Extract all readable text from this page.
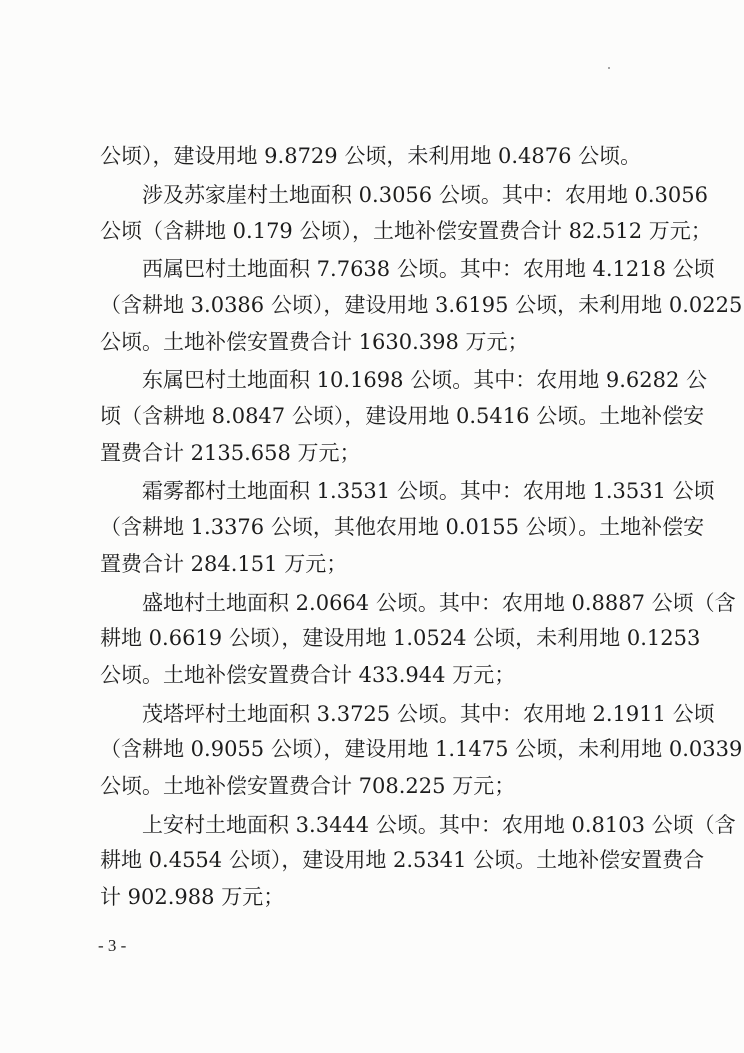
公顷），建设用地 9.8729 公顷，未利用地 0.4876 公顷。
涉及苏家崖村土地面积 0.3056 公顷。其中：农用地 0.3056
公顷（含耕地 0.179 公顷），土地补偿安置费合计 82.512 万元；
西属巴村土地面积 7.7638 公顷。其中：农用地 4.1218 公顷
（含耕地 3.0386 公顷），建设用地 3.6195 公顷，未利用地 0.0225
公顷。土地补偿安置费合计 1630.398 万元；
东属巴村土地面积 10.1698 公顷。其中：农用地 9.6282 公
顷（含耕地 8.0847 公顷），建设用地 0.5416 公顷。土地补偿安
置费合计 2135.658 万元；
霜雾都村土地面积 1.3531 公顷。其中：农用地 1.3531 公顷
（含耕地 1.3376 公顷，其他农用地 0.0155 公顷）。土地补偿安
置费合计 284.151 万元；
盛地村土地面积 2.0664 公顷。其中：农用地 0.8887 公顷（含
耕地 0.6619 公顷），建设用地 1.0524 公顷，未利用地 0.1253
公顷。土地补偿安置费合计 433.944 万元；
茂塔坪村土地面积 3.3725 公顷。其中：农用地 2.1911 公顷
（含耕地 0.9055 公顷），建设用地 1.1475 公顷，未利用地 0.0339
公顷。土地补偿安置费合计 708.225 万元；
上安村土地面积 3.3444 公顷。其中：农用地 0.8103 公顷（含
耕地 0.4554 公顷），建设用地 2.5341 公顷。土地补偿安置费合
计 902.988 万元；
- 3 -
